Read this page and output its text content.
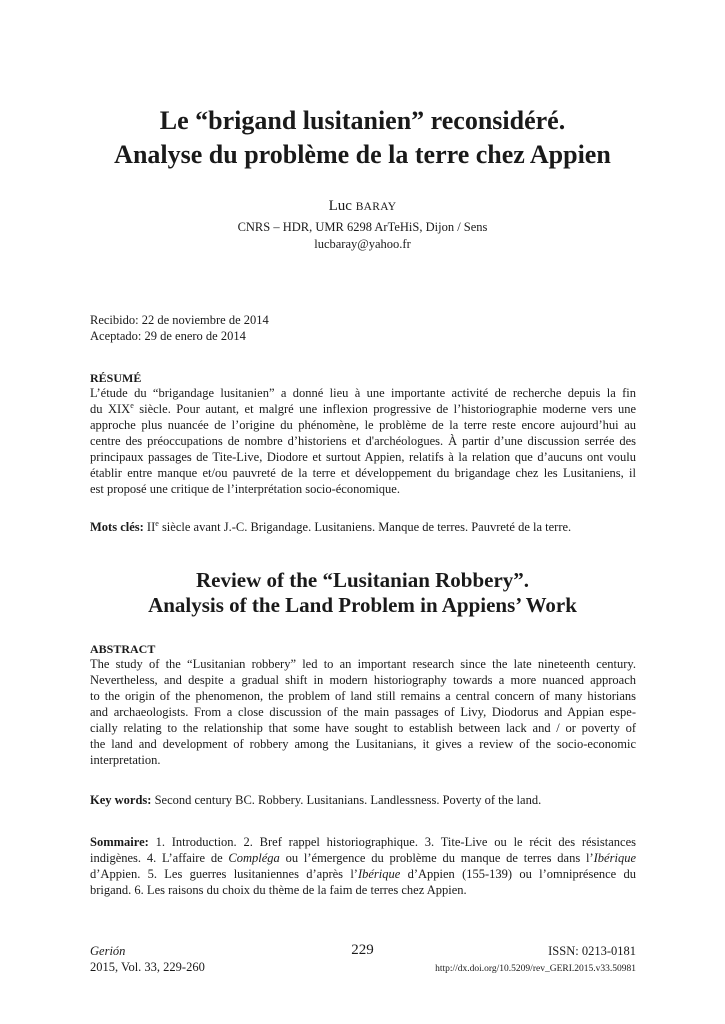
Le “brigand lusitanien” reconsidéré.
Analyse du problème de la terre chez Appien
Luc BARAY
CNRS – HDR, UMR 6298 ArTeHiS, Dijon / Sens
lucbaray@yahoo.fr
Recibido: 22 de noviembre de 2014
Aceptado: 29 de enero de 2014
RÉSUMÉ
L’étude du “brigandage lusitanien” a donné lieu à une importante activité de recherche depuis la fin
du XIXe siècle. Pour autant, et malgré une inflexion progressive de l’historiographie moderne vers une
approche plus nuancée de l’origine du phénomène, le problème de la terre reste encore aujourd’hui au
centre des préoccupations de nombre d’historiens et d'archéologues. À partir d’une discussion serrée des
principaux passages de Tite-Live, Diodore et surtout Appien, relatifs à la relation que d’aucuns ont voulu
établir entre manque et/ou pauvreté de la terre et développement du brigandage chez les Lusitaniens, il
est proposé une critique de l’interprétation socio-économique.
Mots clés: IIe siècle avant J.-C. Brigandage. Lusitaniens. Manque de terres. Pauvreté de la terre.
Review of the “Lusitanian Robbery”.
Analysis of the Land Problem in Appiens’ Work
ABSTRACT
The study of the “Lusitanian robbery” led to an important research since the late nineteenth century.
Nevertheless, and despite a gradual shift in modern historiography towards a more nuanced approach
to the origin of the phenomenon, the problem of land still remains a central concern of many historians
and archaeologists. From a close discussion of the main passages of Livy, Diodorus and Appian espe-
cially relating to the relationship that some have sought to establish between lack and / or poverty of
the land and development of robbery among the Lusitanians, it gives a review of the socio-economic
interpretation.
Key words: Second century BC. Robbery. Lusitanians. Landlessness. Poverty of the land.
Sommaire: 1. Introduction. 2. Bref rappel historiographique. 3. Tite-Live ou le récit des résistances
indigènes. 4. L’affaire de Compléga ou l’émergence du problème du manque de terres dans l’Ibérique
d’Appien. 5. Les guerres lusitaniennes d’après l’Ibérique d’Appien (155-139) ou l’omniprésence du
brigand. 6. Les raisons du choix du thème de la faim de terres chez Appien.
Gerión
2015, Vol. 33, 229-260
229	ISSN: 0213-0181
http://dx.doi.org/10.5209/rev_GERI.2015.v33.50981
